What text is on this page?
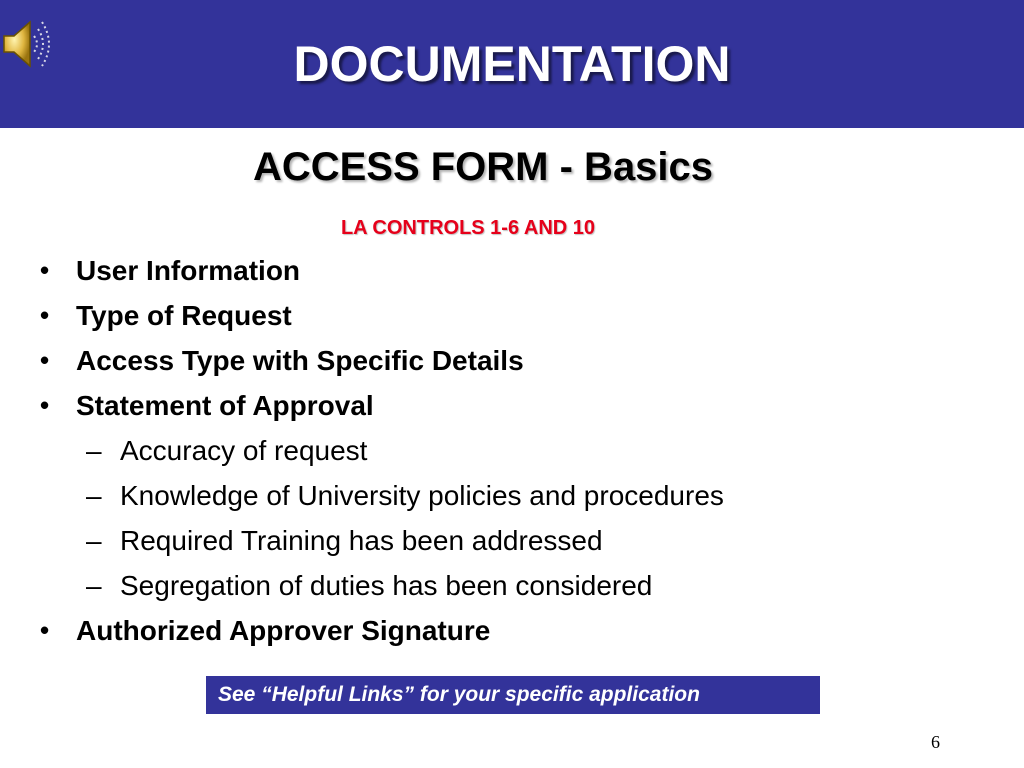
DOCUMENTATION
ACCESS FORM - Basics
LA CONTROLS 1-6 AND 10
• User Information
• Type of Request
• Access Type with Specific Details
• Statement of Approval
– Accuracy of request
– Knowledge of University policies and procedures
– Required Training has been addressed
– Segregation of duties has been considered
• Authorized Approver Signature
See “Helpful Links” for your specific application
6
